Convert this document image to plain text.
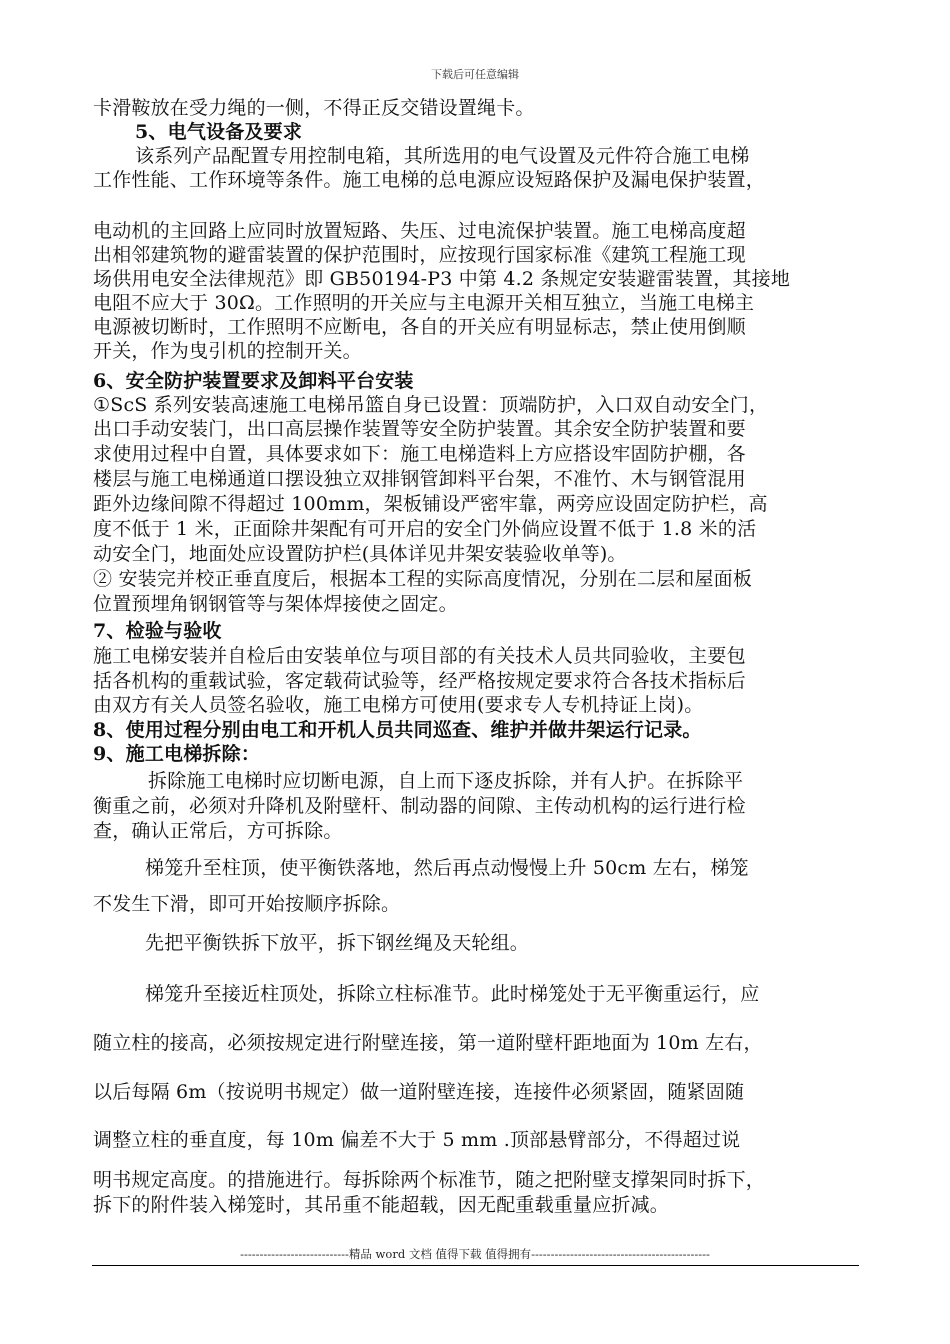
下载后可任意编辑
卡滑鞍放在受力绳的一侧，不得正反交错设置绳卡。
5、电气设备及要求
该系列产品配置专用控制电箱，其所选用的电气设置及元件符合施工电梯
工作性能、工作环境等条件。施工电梯的总电源应设短路保护及漏电保护装置，
电动机的主回路上应同时放置短路、失压、过电流保护装置。施工电梯高度超
出相邻建筑物的避雷装置的保护范围时，应按现行国家标准《建筑工程施工现
场供用电安全法律规范》即 GB50194-P3 中第 4.2 条规定安装避雷装置，其接地
电阻不应大于 30Ω。工作照明的开关应与主电源开关相互独立，当施工电梯主
电源被切断时，工作照明不应断电，各自的开关应有明显标志，禁止使用倒顺
开关，作为曳引机的控制开关。
6、安全防护装置要求及卸料平台安装
①ScS 系列安装高速施工电梯吊篮自身已设置：顶端防护，入口双自动安全门，
出口手动安装门，出口高层操作装置等安全防护装置。其余安全防护装置和要
求使用过程中自置，具体要求如下：施工电梯造料上方应搭设牢固防护棚，各
楼层与施工电梯通道口摆设独立双排钢管卸料平台架，不准竹、木与钢管混用
距外边缘间隙不得超过 100mm，架板铺设严密牢靠，两旁应设固定防护栏，高
度不低于 1 米，正面除井架配有可开启的安全门外倘应设置不低于 1.8 米的活
动安全门，地面处应设置防护栏(具体详见井架安装验收单等)。
② 安装完并校正垂直度后，根据本工程的实际高度情况，分别在二层和屋面板
位置预埋角钢钢管等与架体焊接使之固定。
7、检验与验收
施工电梯安装并自检后由安装单位与项目部的有关技术人员共同验收，主要包
括各机构的重载试验，客定载荷试验等，经严格按规定要求符合各技术指标后
由双方有关人员签名验收，施工电梯方可使用(要求专人专机持证上岗)。
8、使用过程分别由电工和开机人员共同巡查、维护并做井架运行记录。
9、施工电梯拆除：
拆除施工电梯时应切断电源，自上而下逐皮拆除，并有人护。在拆除平
衡重之前，必须对升降机及附壁杆、制动器的间隙、主传动机构的运行进行检
查，确认正常后，方可拆除。
梯笼升至柱顶，使平衡铁落地，然后再点动慢慢上升 50cm 左右，梯笼
不发生下滑，即可开始按顺序拆除。
先把平衡铁拆下放平，拆下钢丝绳及天轮组。
梯笼升至接近柱顶处，拆除立柱标准节。此时梯笼处于无平衡重运行，应
随立柱的接高，必须按规定进行附壁连接，第一道附壁杆距地面为 10m 左右，
以后每隔 6m（按说明书规定）做一道附壁连接，连接件必须紧固，随紧固随
调整立柱的垂直度，每 10m 偏差不大于 5 mm .顶部悬臂部分，不得超过说
明书规定高度。的措施进行。每拆除两个标准节，随之把附壁支撑架同时拆下，
拆下的附件装入梯笼时，其吊重不能超载，因无配重载重量应折减。
----------------------------精品 word 文档 值得下载 值得拥有----------------------------------------------
